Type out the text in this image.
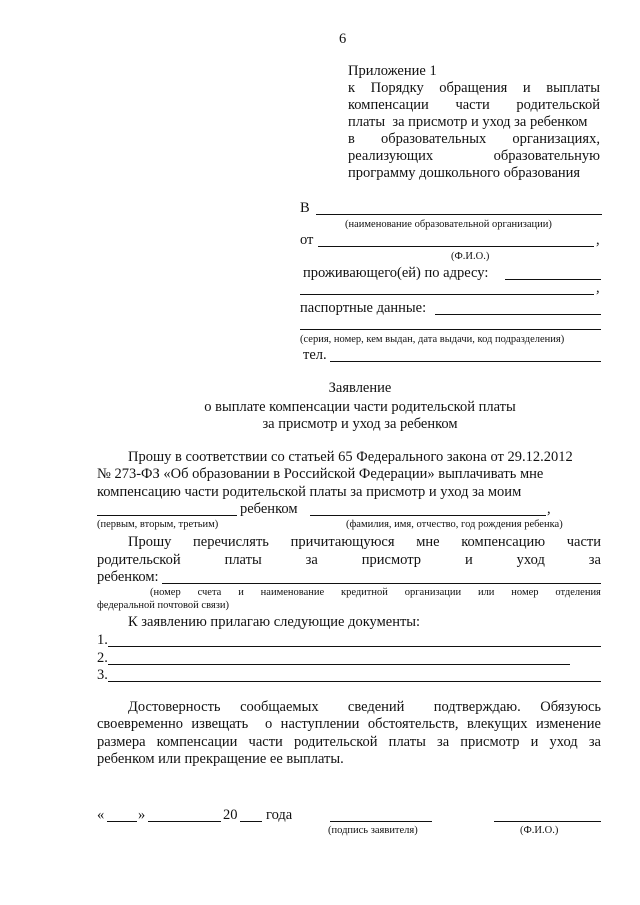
6
Приложение 1
к Порядку обращения и выплаты
компенсации части родительской
платы  за присмотр и уход за ребенком
в образовательных организациях,
реализующих	образовательную
программу дошкольного образования
В
(наименование образовательной организации)
от	,
(Ф.И.О.)
проживающего(ей) по адресу:
,
паспортные данные:
(серия, номер, кем выдан, дата выдачи, код подразделения)
тел.
Заявление
о выплате компенсации части родительской платы
за присмотр и уход за ребенком
Прошу в соответствии со статьей 65 Федерального закона от 29.12.2012
№ 273-ФЗ «Об образовании в Российской Федерации» выплачивать мне
компенсацию части родительской платы за присмотр и уход за моим
ребенком	,
(первым, вторым, третьим)	(фамилия, имя, отчество, год рождения ребенка)
Прошу перечислять причитающуюся мне компенсацию части
родительской	платы	за	присмотр	и	уход	за
ребенком:
(номер счета и наименование кредитной организации или номер отделения
федеральной почтовой связи)
К заявлению прилагаю следующие документы:
1.
2.
3.
Достоверность  сообщаемых   сведений   подтверждаю.  Обязуюсь
своевременно извещать  о наступлении обстоятельств, влекущих изменение
размера компенсации части родительской платы за присмотр и уход за
ребенком или прекращение ее выплаты.
« »	20 года
(подпись заявителя)	(Ф.И.О.)
